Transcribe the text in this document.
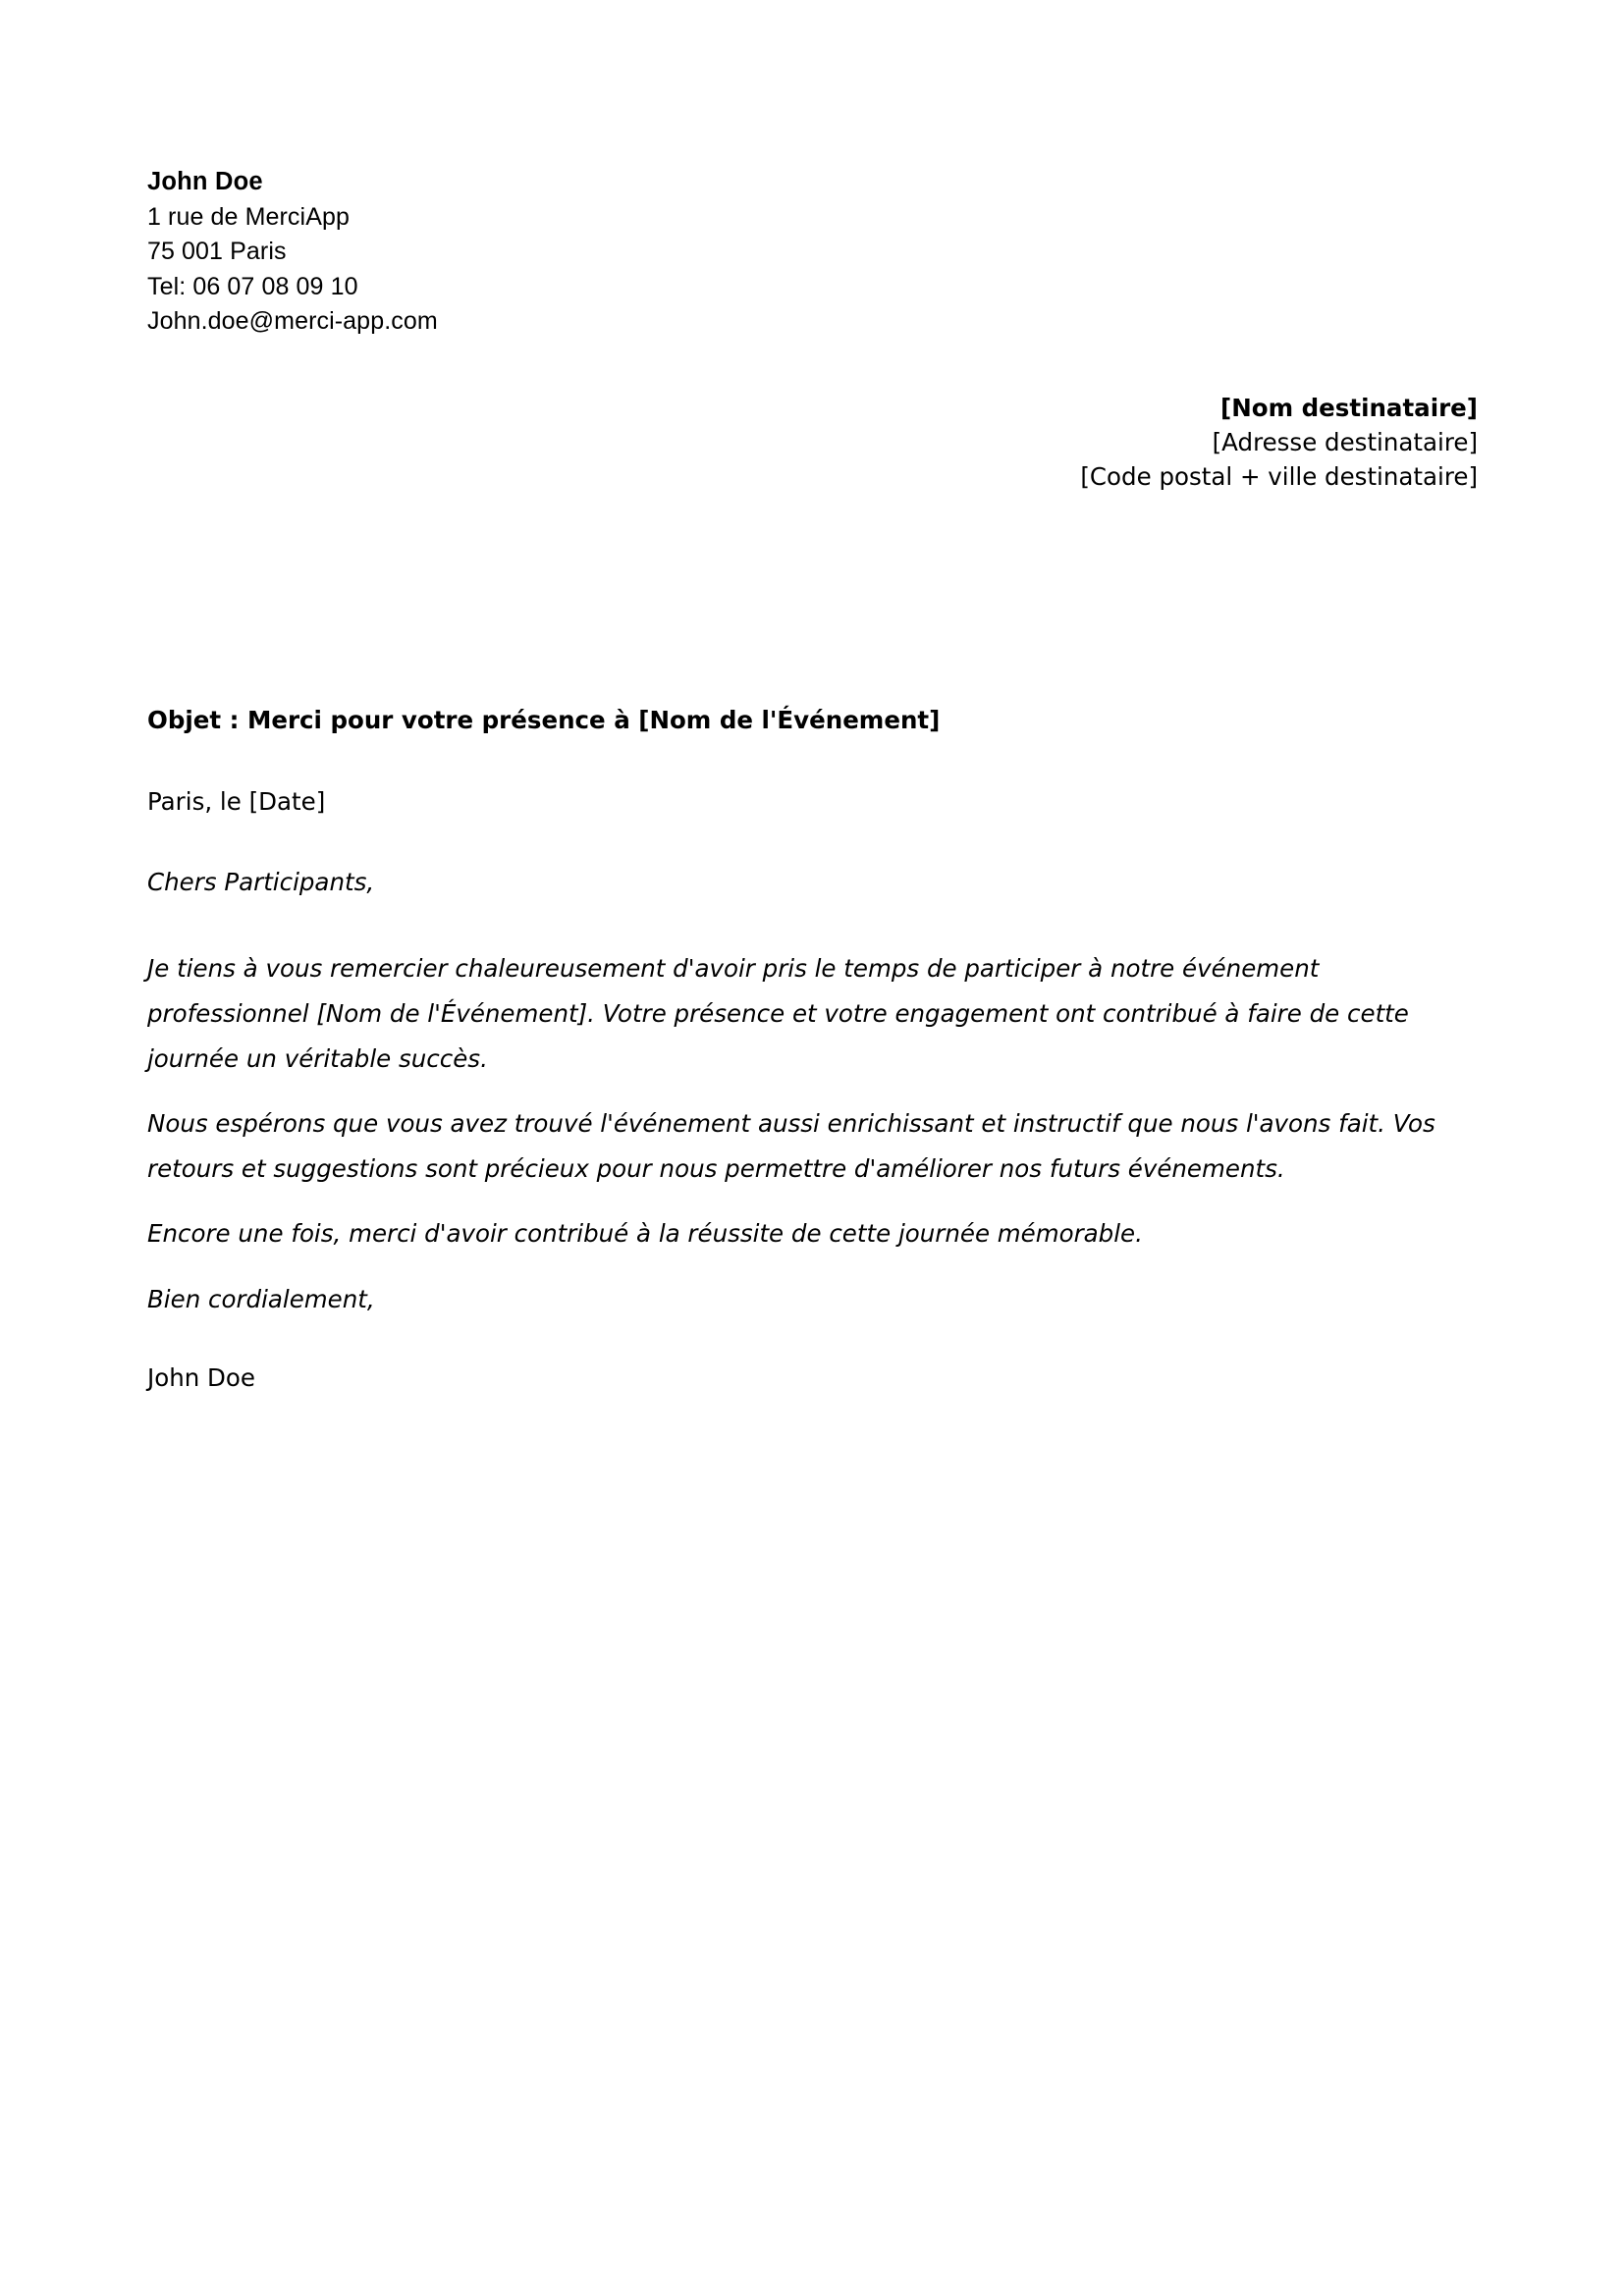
John Doe
1 rue de MerciApp
75 001 Paris
Tel: 06 07 08 09 10
John.doe@merci-app.com
[Nom destinataire]
[Adresse destinataire]
[Code postal + ville destinataire]
Objet : Merci pour votre présence à [Nom de l'Événement]
Paris, le [Date]
Chers Participants,

Je tiens à vous remercier chaleureusement d'avoir pris le temps de participer à notre événement professionnel [Nom de l'Événement]. Votre présence et votre engagement ont contribué à faire de cette journée un véritable succès.

Nous espérons que vous avez trouvé l'événement aussi enrichissant et instructif que nous l'avons fait. Vos retours et suggestions sont précieux pour nous permettre d'améliorer nos futurs événements.

Encore une fois, merci d'avoir contribué à la réussite de cette journée mémorable.

Bien cordialement,
John Doe
